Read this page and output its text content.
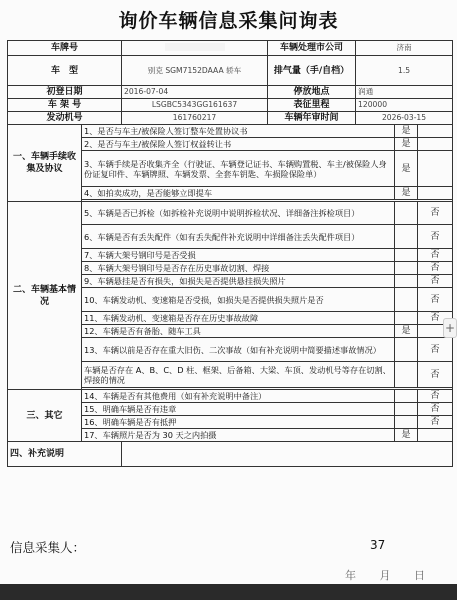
询价车辆信息采集问询表
车牌号			车辆处理市公司	济南		
车　型		别克 SGM7152DAAA 轿车	排气量（手/自档）	1.5		
初登日期		2016-07-04	停放地点	润通		
车 架 号		LSGBC5343GG161637	表征里程	120000		
发动机号		161760217	车辆年审时间	2026-03-15		
一、车辆手续收集及协议	1、是否与车主/被保险人签订整车处置协议书				是	
	2、是否与车主/被保险人签订权益转让书				是	
	3、车辆手续是否收集齐全（行驶证、车辆登记证书、车辆购置税、车主/被保险人身份证复印件、车辆牌照、车辆发票、全套车钥匙、车损险保险单）				是	
	4、如拍卖成功，是否能够立即提车				是	

二、车辆基本情况	5、车辆是否已拆检（如拆检补充说明中说明拆检状况、详细备注拆检项目）					否
	6、车辆是否有丢失配件（如有丢失配件补充说明中详细备注丢失配件项目）					否
	7、车辆大架号钢印号是否受损					否
	8、车辆大架号钢印号是否存在历史事故切割、焊接					否
	9、车辆悬挂是否有损失，如损失是否提供悬挂损失照片					否
	10、车辆发动机、变速箱是否受损，如损失是否提供损失照片是否					否
	11、车辆发动机、变速箱是否存在历史事故故障					否
	12、车辆是否有备胎、随车工具				是	
	13、车辆以前是否存在重大旧伤、二次事故（如有补充说明中简要描述事故情况）					否
	车辆是否存在 A、B、C、D 柱、框架、后备箱、大梁、车顶、发动机号等存在切割、焊接的情况					否

三、其它	14、车辆是否有其他费用（如有补充说明中备注）					否
	15、明确车辆是否有违章					否
	16、明确车辆是否有抵押					否
	17、车辆照片是否为 30 天之内拍摄				是	
四、补充说明						
信息采集人：	37
年 月 日
+
